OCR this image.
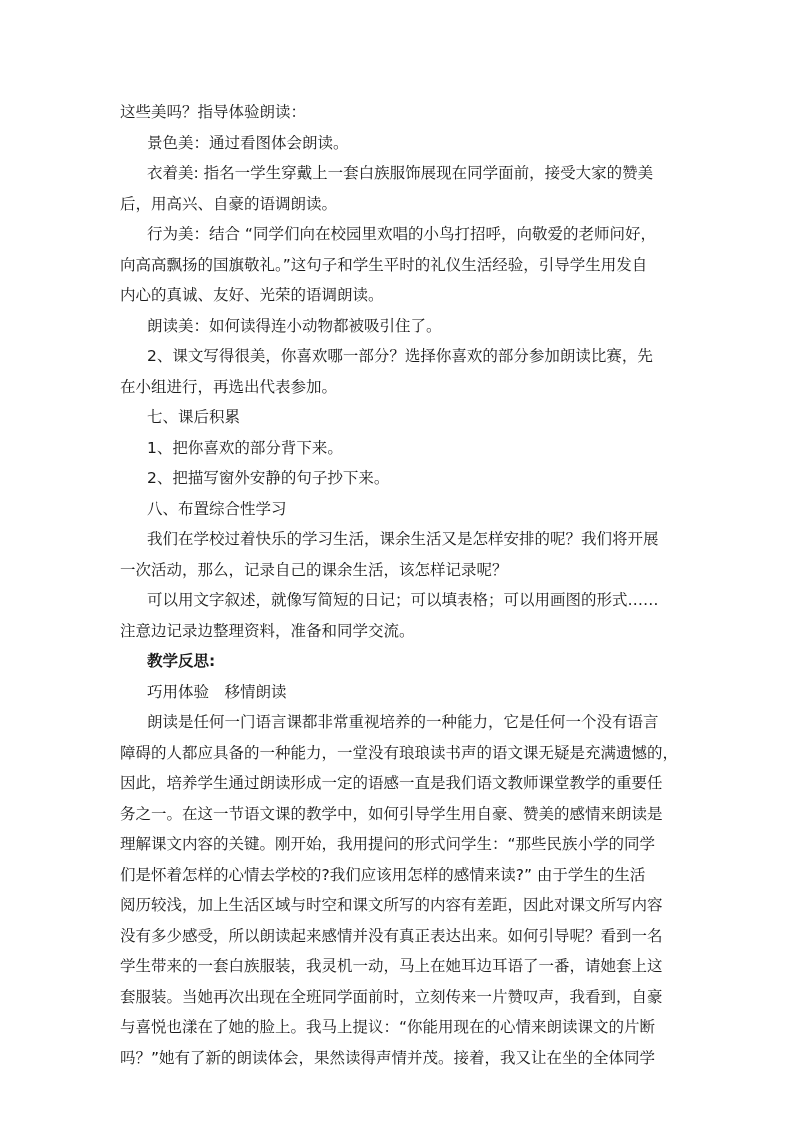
这些美吗？指导体验朗读：

景色美：通过看图体会朗读。

衣着美: 指名一学生穿戴上一套白族服饰展现在同学面前，接受大家的赞美

后，用高兴、自豪的语调朗读。

行为美：结合 “同学们向在校园里欢唱的小鸟打招呼，向敬爱的老师问好，

向高高飘扬的国旗敬礼。”这句子和学生平时的礼仪生活经验，引导学生用发自

内心的真诚、友好、光荣的语调朗读。

朗读美：如何读得连小动物都被吸引住了。

2、课文写得很美，你喜欢哪一部分？选择你喜欢的部分参加朗读比赛，先

在小组进行，再选出代表参加。

七、课后积累

1、把你喜欢的部分背下来。

2、把描写窗外安静的句子抄下来。

八、布置综合性学习

我们在学校过着快乐的学习生活，课余生活又是怎样安排的呢？我们将开展

一次活动，那么，记录自己的课余生活，该怎样记录呢？

可以用文字叙述，就像写简短的日记；可以填表格；可以用画图的形式……

注意边记录边整理资料，准备和同学交流。

教学反思:

巧用体验　移情朗读

朗读是任何一门语言课都非常重视培养的一种能力，它是任何一个没有语言

障碍的人都应具备的一种能力，一堂没有琅琅读书声的语文课无疑是充满遗憾的，

因此，培养学生通过朗读形成一定的语感一直是我们语文教师课堂教学的重要任

务之一。在这一节语文课的教学中，如何引导学生用自豪、赞美的感情来朗读是

理解课文内容的关键。刚开始，我用提问的形式问学生：“那些民族小学的同学

们是怀着怎样的心情去学校的?我们应该用怎样的感情来读?” 由于学生的生活

阅历较浅，加上生活区域与时空和课文所写的内容有差距，因此对课文所写内容

没有多少感受，所以朗读起来感情并没有真正表达出来。如何引导呢？看到一名

学生带来的一套白族服装，我灵机一动，马上在她耳边耳语了一番，请她套上这

套服装。当她再次出现在全班同学面前时，立刻传来一片赞叹声，我看到，自豪

与喜悦也漾在了她的脸上。我马上提议：“你能用现在的心情来朗读课文的片断

吗？”她有了新的朗读体会，果然读得声情并茂。接着，我又让在坐的全体同学
